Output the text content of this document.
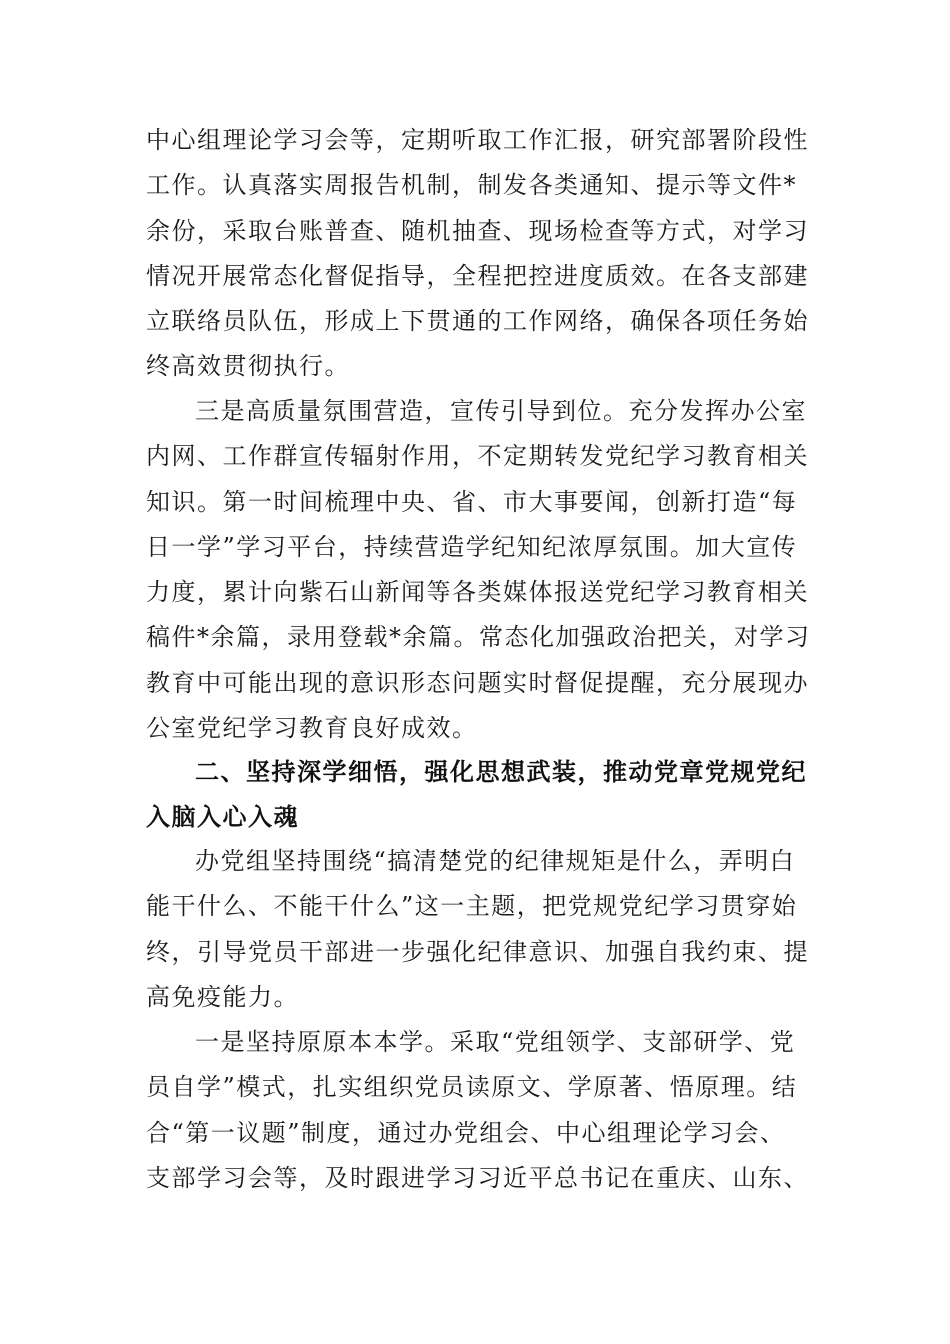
中心组理论学习会等，定期听取工作汇报，研究部署阶段性
工作。认真落实周报告机制，制发各类通知、提示等文件*
余份，采取台账普查、随机抽查、现场检查等方式，对学习
情况开展常态化督促指导，全程把控进度质效。在各支部建
立联络员队伍，形成上下贯通的工作网络，确保各项任务始
终高效贯彻执行。
三是高质量氛围营造，宣传引导到位。充分发挥办公室
内网、工作群宣传辐射作用，不定期转发党纪学习教育相关
知识。第一时间梳理中央、省、市大事要闻，创新打造“每
日一学”学习平台，持续营造学纪知纪浓厚氛围。加大宣传
力度，累计向紫石山新闻等各类媒体报送党纪学习教育相关
稿件*余篇，录用登载*余篇。常态化加强政治把关，对学习
教育中可能出现的意识形态问题实时督促提醒，充分展现办
公室党纪学习教育良好成效。
二、坚持深学细悟，强化思想武装，推动党章党规党纪
入脑入心入魂
办党组坚持围绕“搞清楚党的纪律规矩是什么，弄明白
能干什么、不能干什么”这一主题，把党规党纪学习贯穿始
终，引导党员干部进一步强化纪律意识、加强自我约束、提
高免疫能力。
一是坚持原原本本学。采取“党组领学、支部研学、党
员自学”模式，扎实组织党员读原文、学原著、悟原理。结
合“第一议题”制度，通过办党组会、中心组理论学习会、
支部学习会等，及时跟进学习习近平总书记在重庆、山东、
